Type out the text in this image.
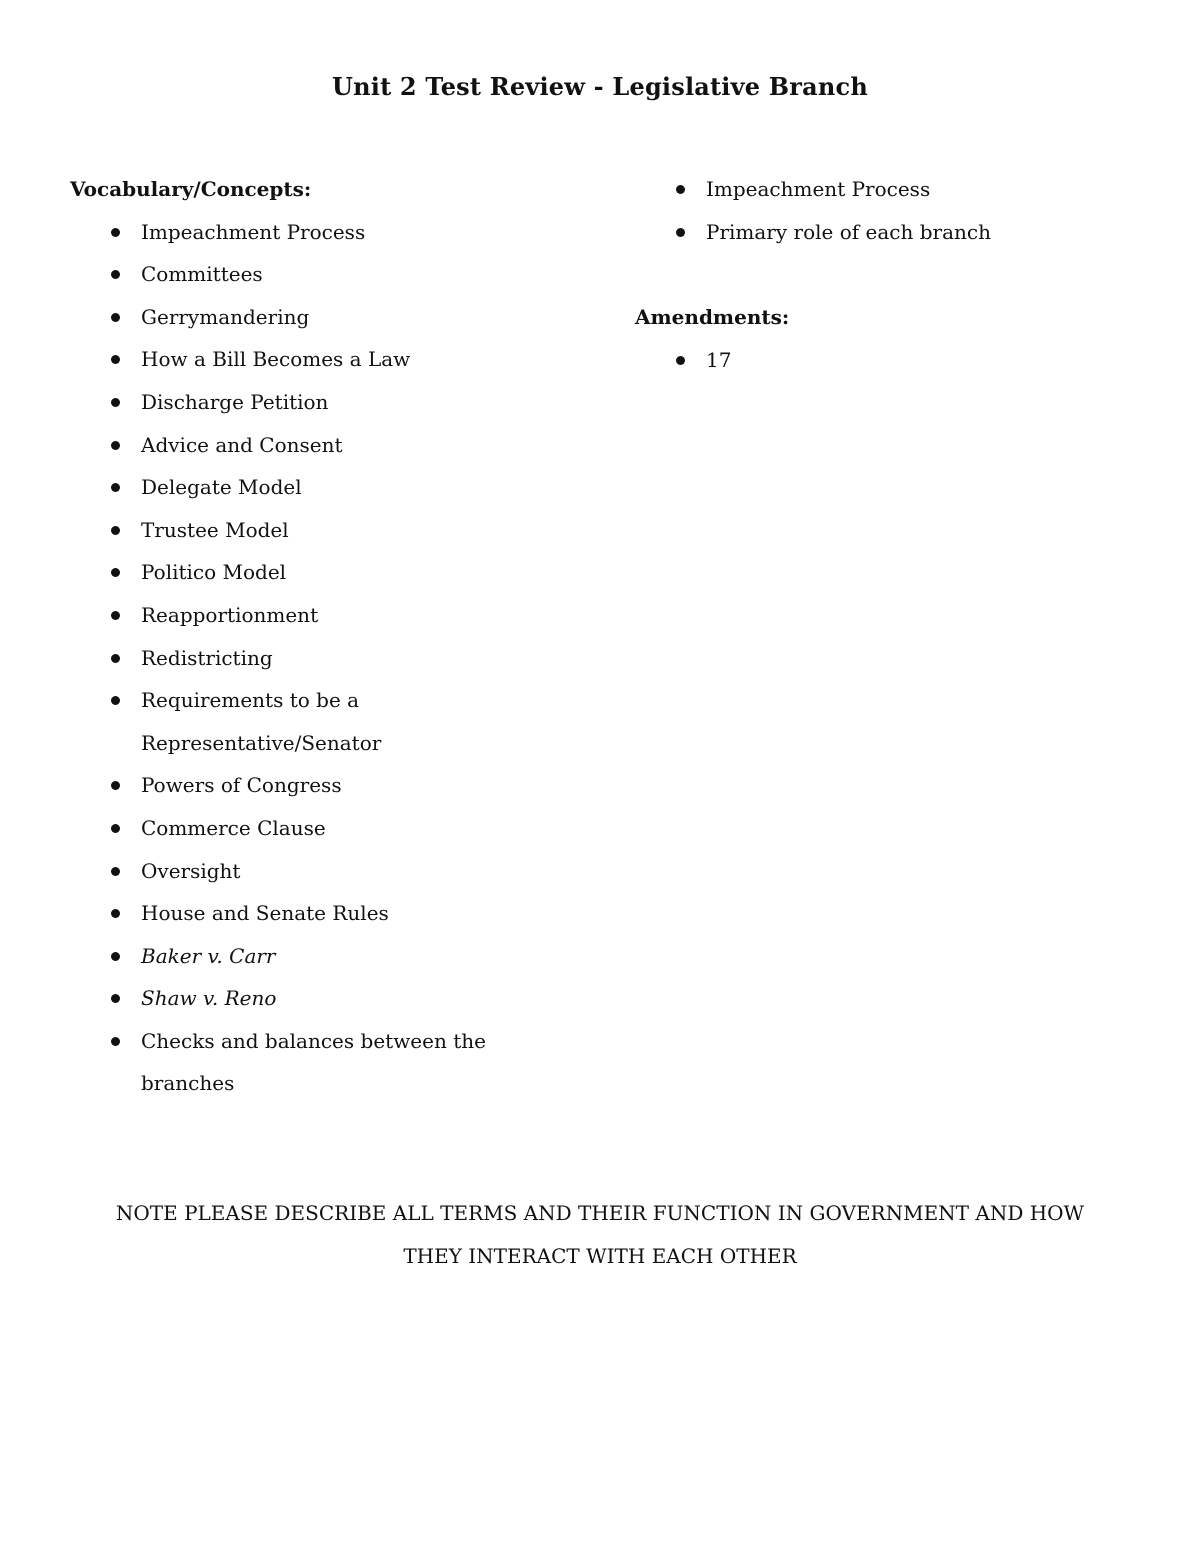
Unit 2 Test Review - Legislative Branch
Vocabulary/Concepts:
Impeachment Process
Committees
Gerrymandering
How a Bill Becomes a Law
Discharge Petition
Advice and Consent
Delegate Model
Trustee Model
Politico Model
Reapportionment
Redistricting
Requirements to be a Representative/Senator
Powers of Congress
Commerce Clause
Oversight
House and Senate Rules
Baker v. Carr
Shaw v. Reno
Checks and balances between the branches
Impeachment Process
Primary role of each branch
Amendments:
17
NOTE PLEASE DESCRIBE ALL TERMS AND THEIR FUNCTION IN GOVERNMENT AND HOW THEY INTERACT WITH EACH OTHER
